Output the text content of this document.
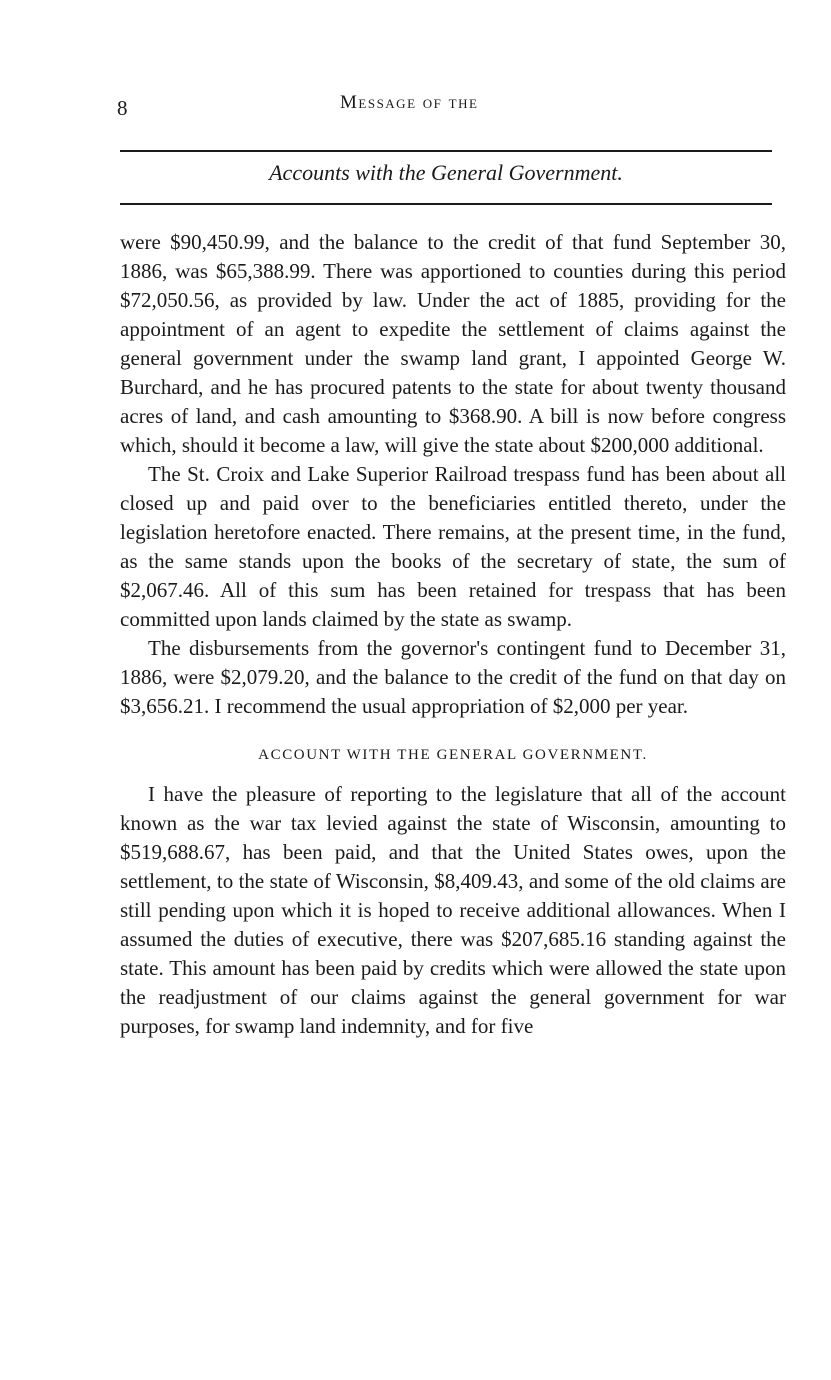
8	Message of the
Accounts with the General Government.

were $90,450.99, and the balance to the credit of that fund September 30, 1886, was $65,388.99. There was apportioned to counties during this period $72,050.56, as provided by law. Under the act of 1885, providing for the appointment of an agent to expedite the settlement of claims against the general government under the swamp land grant, I appointed George W. Burchard, and he has procured patents to the state for about twenty thousand acres of land, and cash amounting to $368.90. A bill is now before congress which, should it become a law, will give the state about $200,000 additional.

The St. Croix and Lake Superior Railroad trespass fund has been about all closed up and paid over to the beneficiaries entitled thereto, under the legislation heretofore enacted. There remains, at the present time, in the fund, as the same stands upon the books of the secretary of state, the sum of $2,067.46. All of this sum has been retained for trespass that has been committed upon lands claimed by the state as swamp.

The disbursements from the governor's contingent fund to December 31, 1886, were $2,079.20, and the balance to the credit of the fund on that day on $3,656.21. I recommend the usual appropriation of $2,000 per year.

ACCOUNT WITH THE GENERAL GOVERNMENT.

I have the pleasure of reporting to the legislature that all of the account known as the war tax levied against the state of Wisconsin, amounting to $519,688.67, has been paid, and that the United States owes, upon the settlement, to the state of Wisconsin, $8,409.43, and some of the old claims are still pending upon which it is hoped to receive additional allowances. When I assumed the duties of executive, there was $207,685.16 standing against the state. This amount has been paid by credits which were allowed the state upon the readjustment of our claims against the general government for war purposes, for swamp land indemnity, and for five
